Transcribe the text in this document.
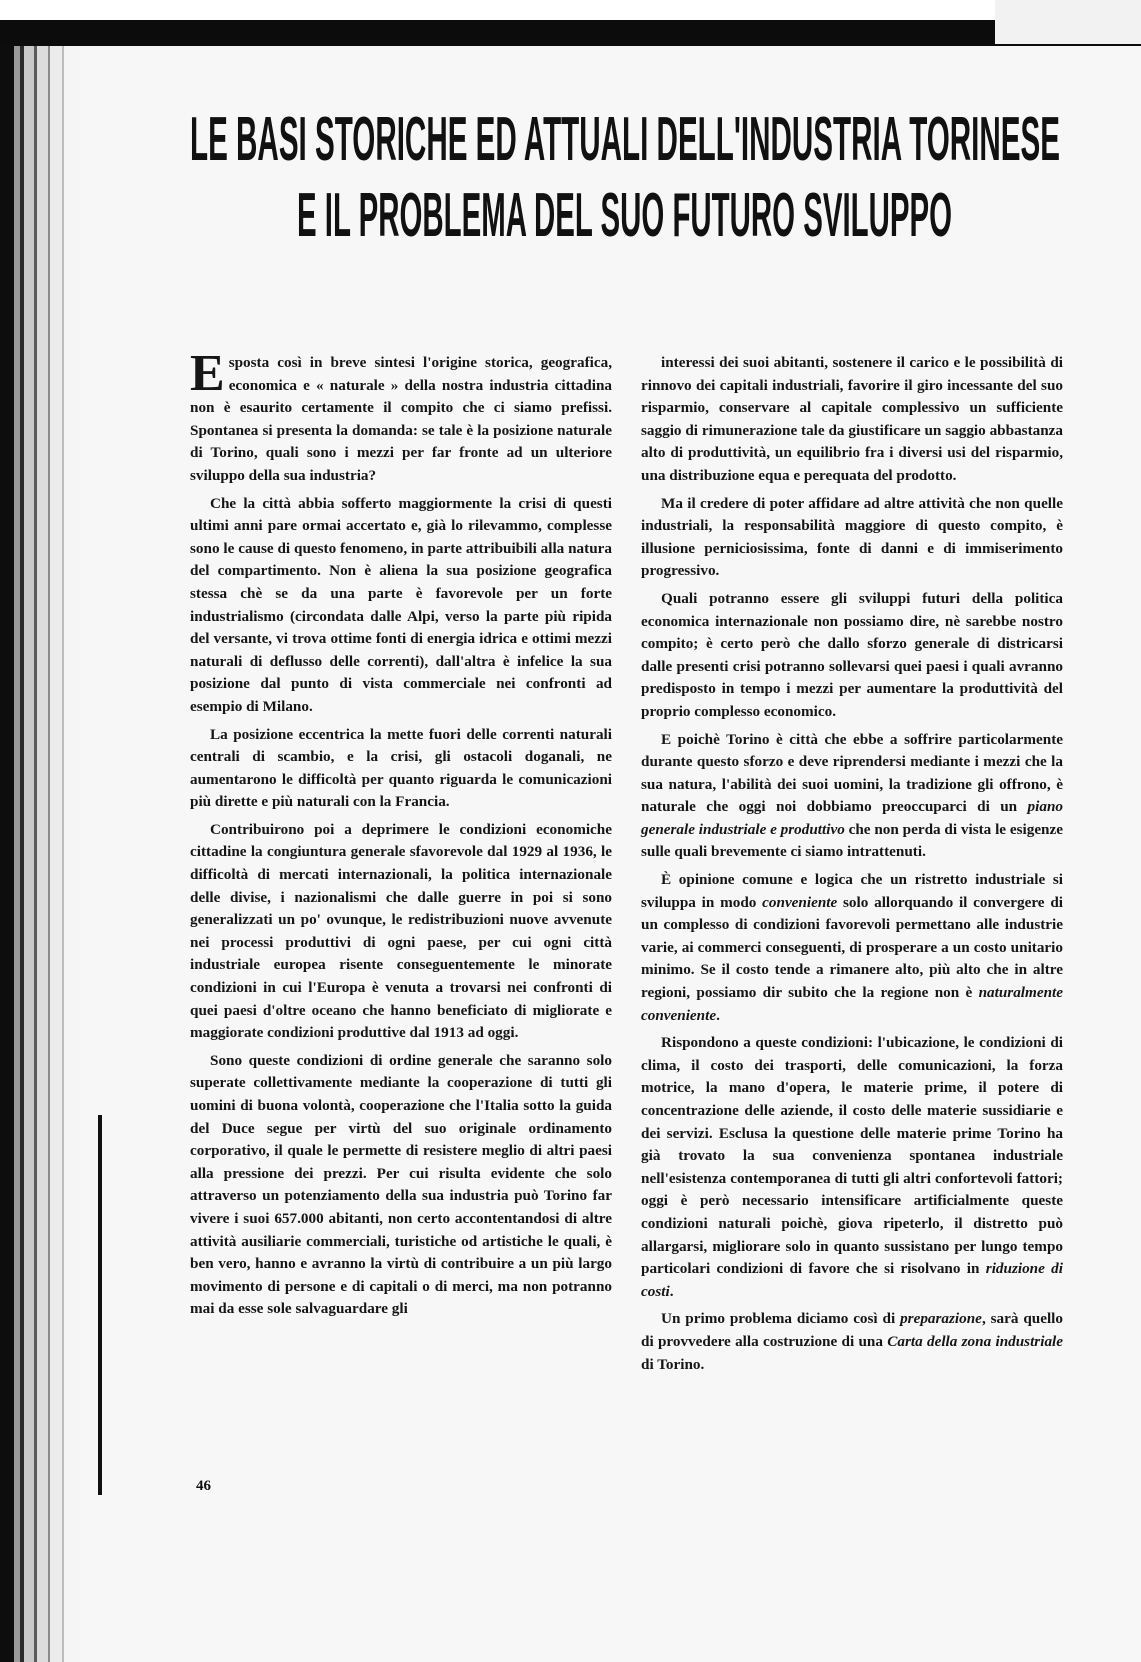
LE BASI STORICHE ED ATTUALI DELL'INDUSTRIA TORINESE
E IL PROBLEMA DEL SUO FUTURO SVILUPPO

Esposta così in breve sintesi l'origine storica, geografica, economica e « naturale » della nostra industria cittadina non è esaurito certamente il compito che ci siamo prefissi. Spontanea si presenta la domanda: se tale è la posizione naturale di Torino, quali sono i mezzi per far fronte ad un ulteriore sviluppo della sua industria?

Che la città abbia sofferto maggiormente la crisi di questi ultimi anni pare ormai accertato e, già lo rilevammo, complesse sono le cause di questo fenomeno, in parte attribuibili alla natura del compartimento. Non è aliena la sua posizione geografica stessa chè se da una parte è favorevole per un forte industrialismo (circondata dalle Alpi, verso la parte più ripida del versante, vi trova ottime fonti di energia idrica e ottimi mezzi naturali di deflusso delle correnti), dall'altra è infelice la sua posizione dal punto di vista commerciale nei confronti ad esempio di Milano.

La posizione eccentrica la mette fuori delle correnti naturali centrali di scambio, e la crisi, gli ostacoli doganali, ne aumentarono le difficoltà per quanto riguarda le comunicazioni più dirette e più naturali con la Francia.

Contribuirono poi a deprimere le condizioni economiche cittadine la congiuntura generale sfavorevole dal 1929 al 1936, le difficoltà di mercati internazionali, la politica internazionale delle divise, i nazionalismi che dalle guerre in poi si sono generalizzati un po' ovunque, le redistribuzioni nuove avvenute nei processi produttivi di ogni paese, per cui ogni città industriale europea risente conseguentemente le minorate condizioni in cui l'Europa è venuta a trovarsi nei confronti di quei paesi d'oltre oceano che hanno beneficiato di migliorate e maggiorate condizioni produttive dal 1913 ad oggi.

Sono queste condizioni di ordine generale che saranno solo superate collettivamente mediante la cooperazione di tutti gli uomini di buona volontà, cooperazione che l'Italia sotto la guida del Duce segue per virtù del suo originale ordinamento corporativo, il quale le permette di resistere meglio di altri paesi alla pressione dei prezzi. Per cui risulta evidente che solo attraverso un potenziamento della sua industria può Torino far vivere i suoi 657.000 abitanti, non certo accontentandosi di altre attività ausiliarie commerciali, turistiche od artistiche le quali, è ben vero, hanno e avranno la virtù di contribuire a un più largo movimento di persone e di capitali o di merci, ma non potranno mai da esse sole salvaguardare gli

interessi dei suoi abitanti, sostenere il carico e le possibilità di rinnovo dei capitali industriali, favorire il giro incessante del suo risparmio, conservare al capitale complessivo un sufficiente saggio di rimunerazione tale da giustificare un saggio abbastanza alto di produttività, un equilibrio fra i diversi usi del risparmio, una distribuzione equa e perequata del prodotto.

Ma il credere di poter affidare ad altre attività che non quelle industriali, la responsabilità maggiore di questo compito, è illusione perniciosissima, fonte di danni e di immiserimento progressivo.

Quali potranno essere gli sviluppi futuri della politica economica internazionale non possiamo dire, nè sarebbe nostro compito; è certo però che dallo sforzo generale di districarsi dalle presenti crisi potranno sollevarsi quei paesi i quali avranno predisposto in tempo i mezzi per aumentare la produttività del proprio complesso economico.

E poichè Torino è città che ebbe a soffrire particolarmente durante questo sforzo e deve riprendersi mediante i mezzi che la sua natura, l'abilità dei suoi uomini, la tradizione gli offrono, è naturale che oggi noi dobbiamo preoccuparci di un piano generale industriale e produttivo che non perda di vista le esigenze sulle quali brevemente ci siamo intrattenuti.

È opinione comune e logica che un ristretto industriale si sviluppa in modo conveniente solo allorquando il convergere di un complesso di condizioni favorevoli permettano alle industrie varie, ai commerci conseguenti, di prosperare a un costo unitario minimo. Se il costo tende a rimanere alto, più alto che in altre regioni, possiamo dir subito che la regione non è naturalmente conveniente.

Rispondono a queste condizioni: l'ubicazione, le condizioni di clima, il costo dei trasporti, delle comunicazioni, la forza motrice, la mano d'opera, le materie prime, il potere di concentrazione delle aziende, il costo delle materie sussidiarie e dei servizi. Esclusa la questione delle materie prime Torino ha già trovato la sua convenienza spontanea industriale nell'esistenza contemporanea di tutti gli altri confortevoli fattori; oggi è però necessario intensificare artificialmente queste condizioni naturali poichè, giova ripeterlo, il distretto può allargarsi, migliorare solo in quanto sussistano per lungo tempo particolari condizioni di favore che si risolvano in riduzione di costi.

Un primo problema diciamo così di preparazione, sarà quello di provvedere alla costruzione di una Carta della zona industriale di Torino.

46
